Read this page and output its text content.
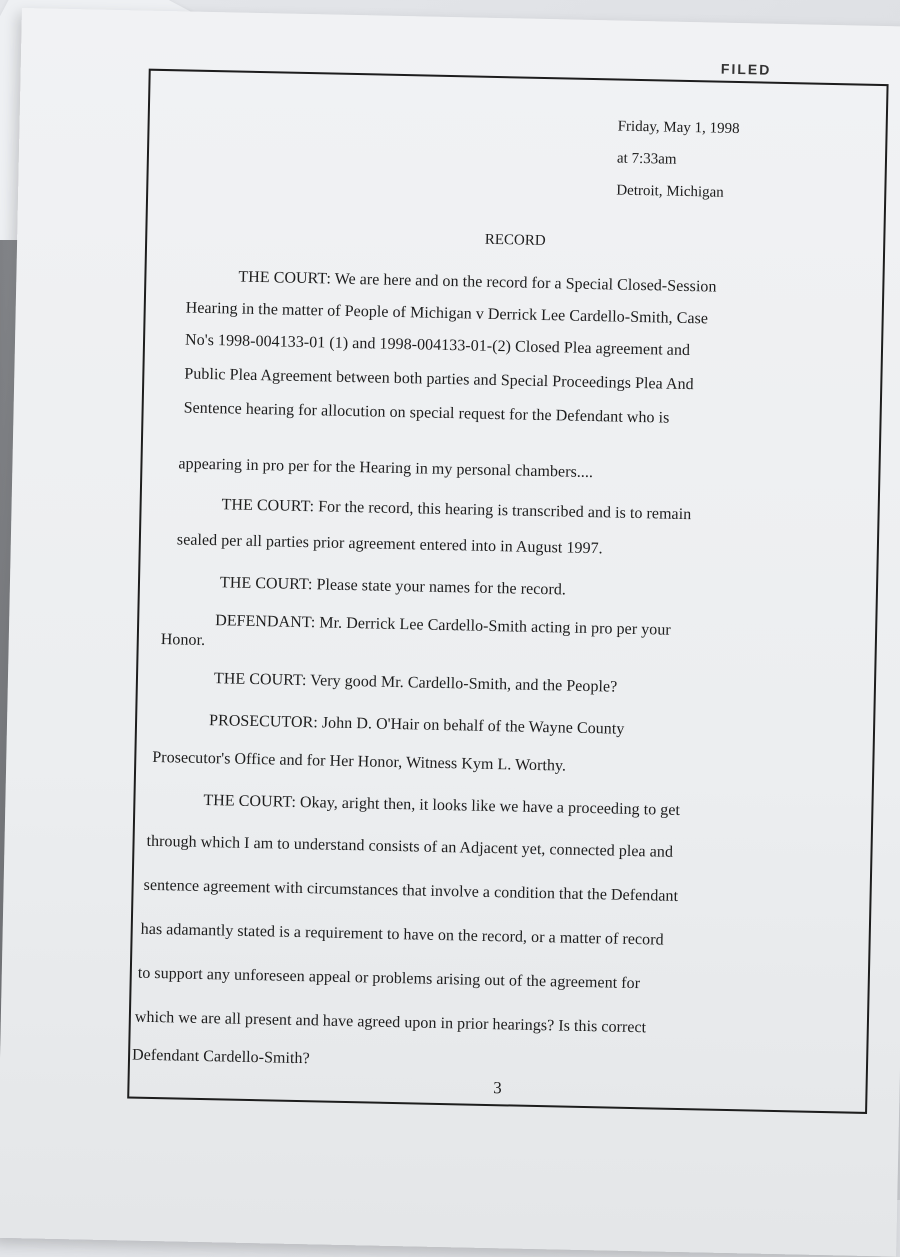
FILED
Friday, May 1, 1998
at 7:33am
Detroit, Michigan
RECORD
THE COURT: We are here and on the record for a Special Closed-Session
Hearing in the matter of People of Michigan v Derrick Lee Cardello-Smith, Case
No's 1998-004133-01 (1) and 1998-004133-01-(2) Closed Plea agreement and
Public Plea Agreement between both parties and Special Proceedings Plea And
Sentence hearing for allocution on special request for the Defendant who is
appearing in pro per for the Hearing in my personal chambers....
THE COURT: For the record, this hearing is transcribed and is to remain
sealed per all parties prior agreement entered into in August 1997.
THE COURT: Please state your names for the record.
DEFENDANT: Mr. Derrick Lee Cardello-Smith acting in pro per your
Honor.
THE COURT: Very good Mr. Cardello-Smith, and the People?
PROSECUTOR: John D. O'Hair on behalf of the Wayne County
Prosecutor's Office and for Her Honor, Witness Kym L. Worthy.
THE COURT: Okay, aright then, it looks like we have a proceeding to get
through which I am to understand consists of an Adjacent yet, connected plea and
sentence agreement with circumstances that involve a condition that the Defendant
has adamantly stated is a requirement to have on the record, or a matter of record
to support any unforeseen appeal or problems arising out of the agreement for
which we are all present and have agreed upon in prior hearings? Is this correct
Defendant Cardello-Smith?
3
